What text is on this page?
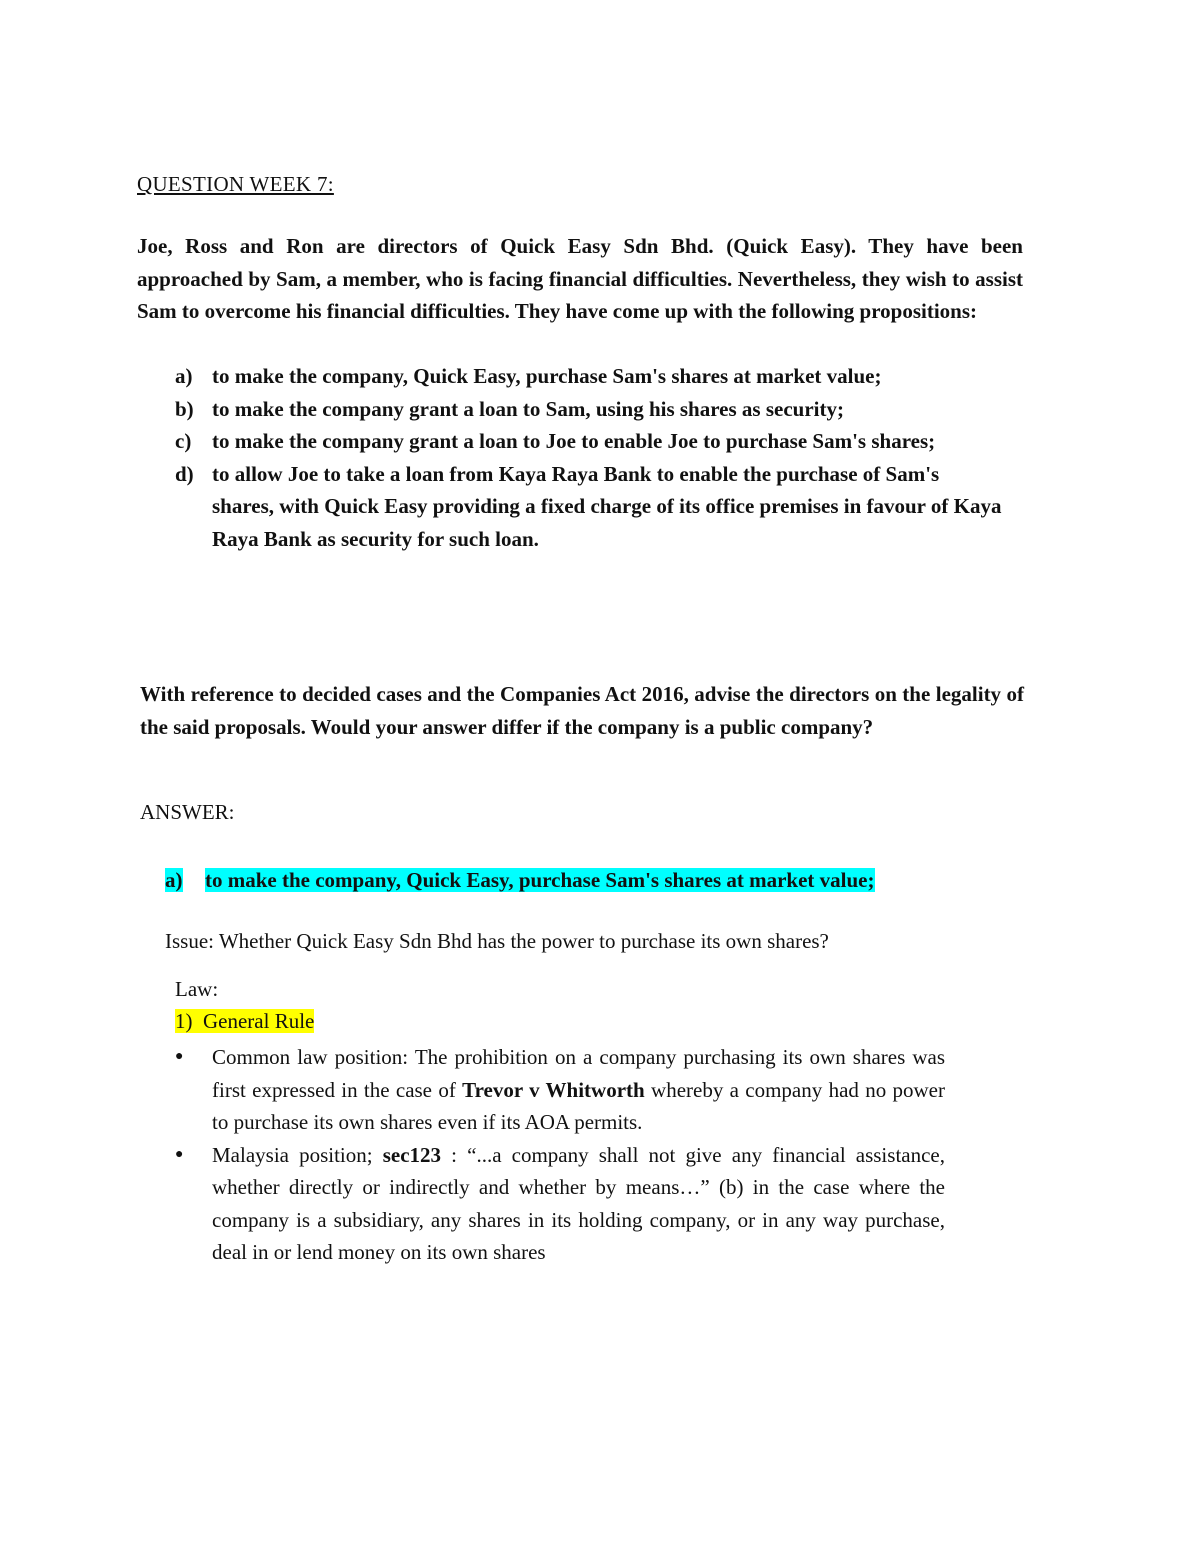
QUESTION WEEK 7:
Joe, Ross and Ron are directors of Quick Easy Sdn Bhd. (Quick Easy). They have been approached by Sam, a member, who is facing financial difficulties. Nevertheless, they wish to assist Sam to overcome his financial difficulties. They have come up with the following propositions:
a) to make the company, Quick Easy, purchase Sam's shares at market value;
b) to make the company grant a loan to Sam, using his shares as security;
c) to make the company grant a loan to Joe to enable Joe to purchase Sam's shares;
d) to allow Joe to take a loan from Kaya Raya Bank to enable the purchase of Sam's shares, with Quick Easy providing a fixed charge of its office premises in favour of Kaya Raya Bank as security for such loan.
With reference to decided cases and the Companies Act 2016, advise the directors on the legality of the said proposals. Would your answer differ if the company is a public company?
ANSWER:
a)	to make the company, Quick Easy, purchase Sam's shares at market value;
Issue: Whether Quick Easy Sdn Bhd has the power to purchase its own shares?
Law:
1)  General Rule
●	Common law position: The prohibition on a company purchasing its own shares was first expressed in the case of Trevor v Whitworth whereby a company had no power to purchase its own shares even if its AOA permits.
●	Malaysia position; sec123 : “...a company shall not give any financial assistance, whether directly or indirectly and whether by means…” (b) in the case where the company is a subsidiary, any shares in its holding company, or in any way purchase, deal in or lend money on its own shares
